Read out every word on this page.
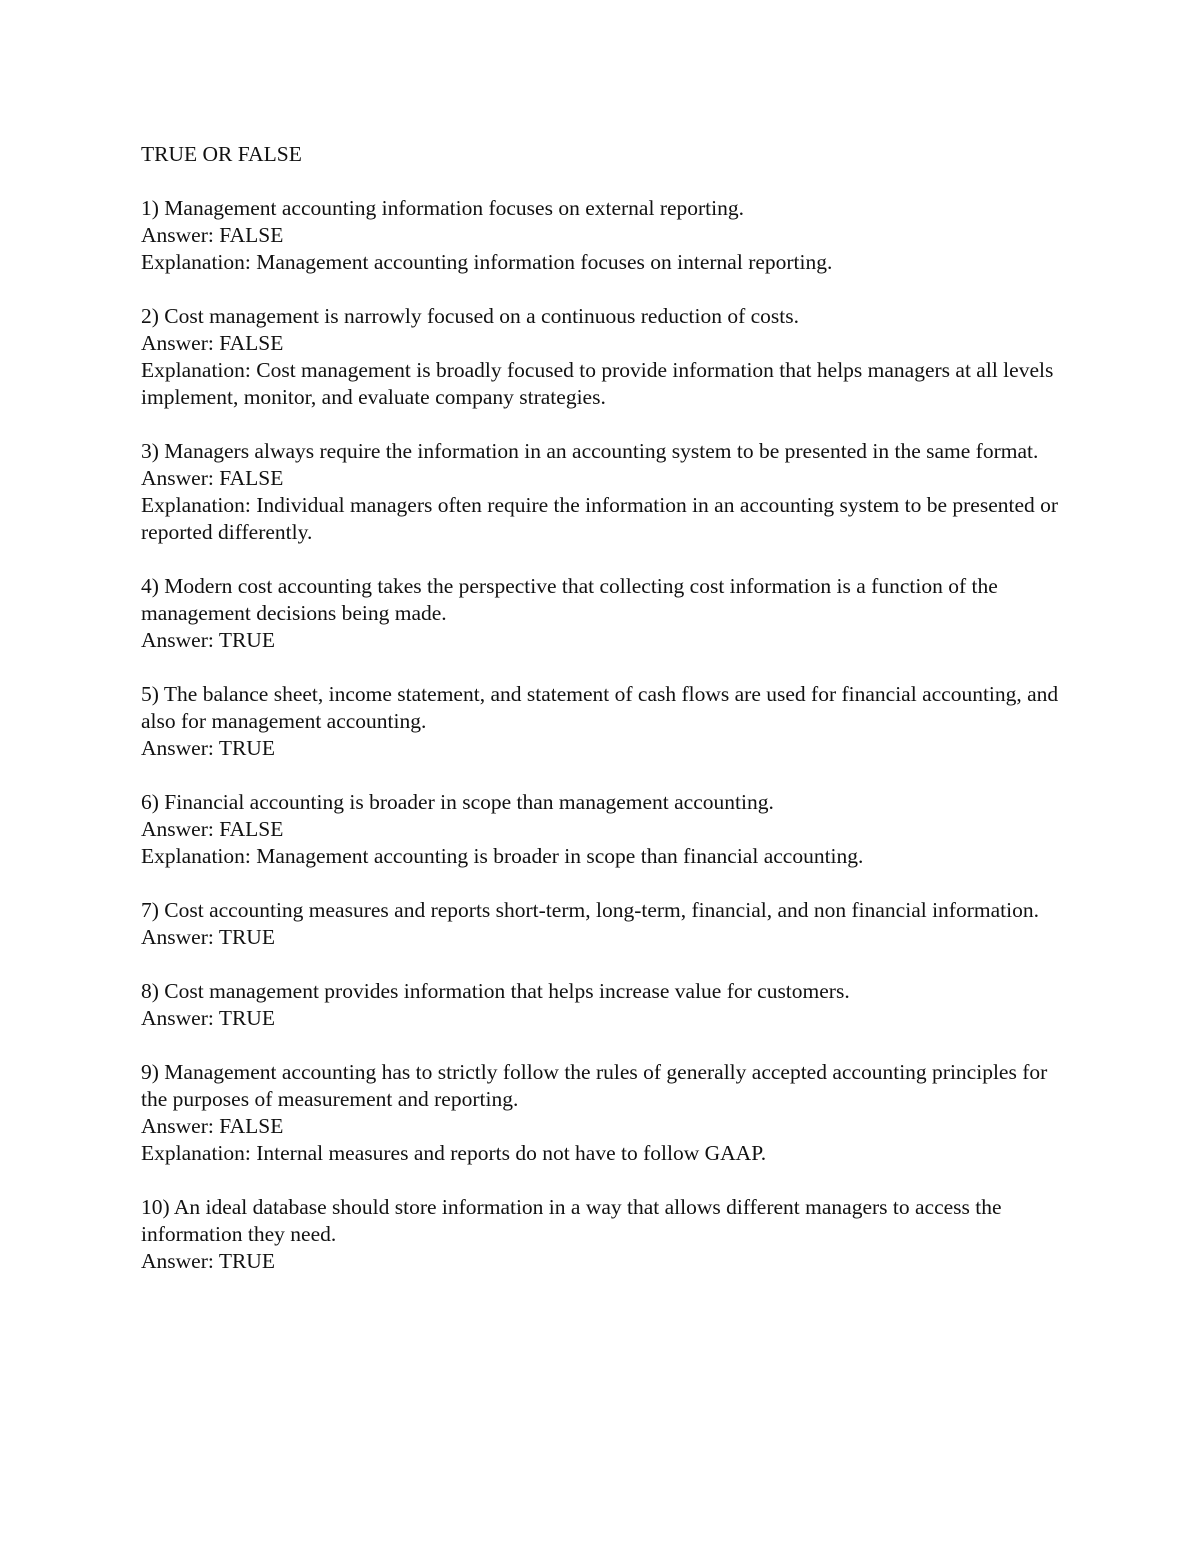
TRUE OR FALSE
1) Management accounting information focuses on external reporting.
Answer: FALSE
Explanation: Management accounting information focuses on internal reporting.
2) Cost management is narrowly focused on a continuous reduction of costs.
Answer: FALSE
Explanation: Cost management is broadly focused to provide information that helps managers at all levels implement, monitor, and evaluate company strategies.
3) Managers always require the information in an accounting system to be presented in the same format.
Answer: FALSE
Explanation: Individual managers often require the information in an accounting system to be presented or reported differently.
4) Modern cost accounting takes the perspective that collecting cost information is a function of the management decisions being made.
Answer: TRUE
5) The balance sheet, income statement, and statement of cash flows are used for financial accounting, and also for management accounting.
Answer: TRUE
6) Financial accounting is broader in scope than management accounting.
Answer: FALSE
Explanation: Management accounting is broader in scope than financial accounting.
7) Cost accounting measures and reports short-term, long-term, financial, and non financial information.
Answer: TRUE
8) Cost management provides information that helps increase value for customers.
Answer: TRUE
9) Management accounting has to strictly follow the rules of generally accepted accounting principles for the purposes of measurement and reporting.
Answer: FALSE
Explanation: Internal measures and reports do not have to follow GAAP.
10) An ideal database should store information in a way that allows different managers to access the information they need.
Answer: TRUE
